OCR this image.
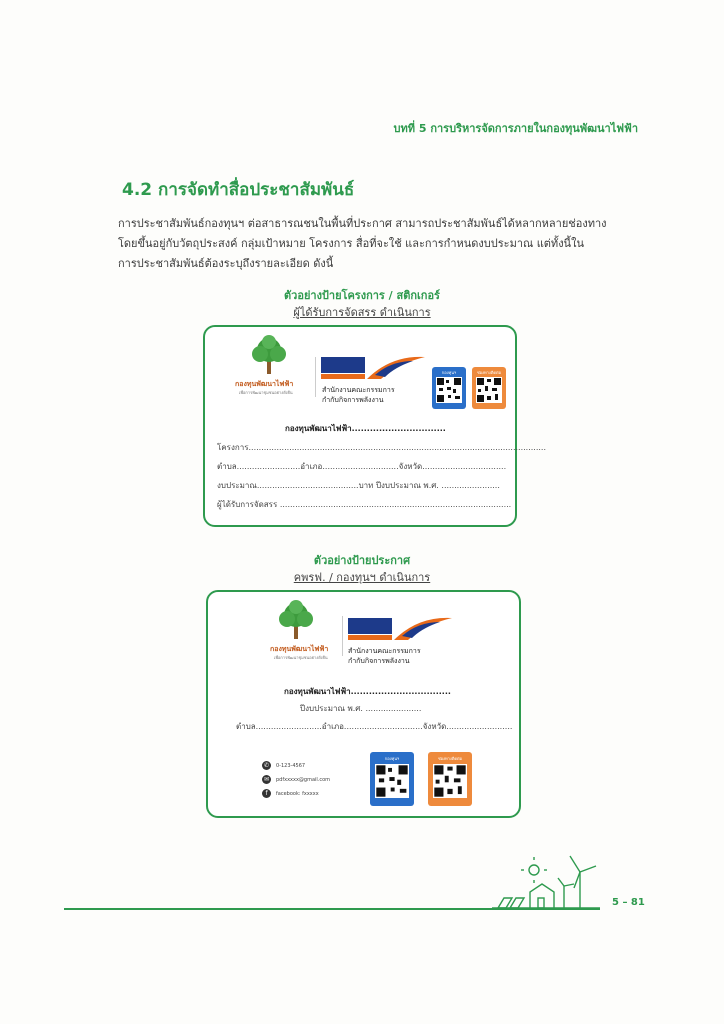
บทที่ 5 การบริหารจัดการภายในกองทุนพัฒนาไฟฟ้า
4.2 การจัดทำสื่อประชาสัมพันธ์
การประชาสัมพันธ์กองทุนฯ ต่อสาธารณชนในพื้นที่ประกาศ สามารถประชาสัมพันธ์ได้หลากหลายช่องทาง
โดยขึ้นอยู่กับวัตถุประสงค์ กลุ่มเป้าหมาย โครงการ สื่อที่จะใช้ และการกำหนดงบประมาณ แต่ทั้งนี้ใน
การประชาสัมพันธ์ต้องระบุถึงรายละเอียด ดังนี้
ตัวอย่างป้ายโครงการ / สติกเกอร์
ผู้ได้รับการจัดสรร ดำเนินการ
กองทุนพัฒนาไฟฟ้า
เพื่อการพัฒนาชุมชนอย่างยั่งยืน	สำนักงานคณะกรรมการ
กำกับกิจการพลังงาน
กองทุนฯ	ช่องทางติดต่อ
กองทุนพัฒนาไฟฟ้า...............................
โครงการ.....................................................................................................................
ตำบล.........................อำเภอ..............................จังหวัด.................................
งบประมาณ........................................บาท ปีงบประมาณ พ.ศ. .......................
ผู้ได้รับการจัดสรร ...........................................................................................
ตัวอย่างป้ายประกาศ
คพรฟ. / กองทุนฯ ดำเนินการ
กองทุนพัฒนาไฟฟ้า
เพื่อการพัฒนาชุมชนอย่างยั่งยืน
สำนักงานคณะกรรมการ
กำกับกิจการพลังงาน
กองทุนพัฒนาไฟฟ้า.................................
ปีงบประมาณ พ.ศ. ......................
ตำบล..........................อำเภอ...............................จังหวัด..........................
✆	0-123-4567
✉	pdfxxxxx@gmail.com
f	facebook: fxxxxx
กองทุนฯ	ช่องทางติดต่อ
5 – 81
